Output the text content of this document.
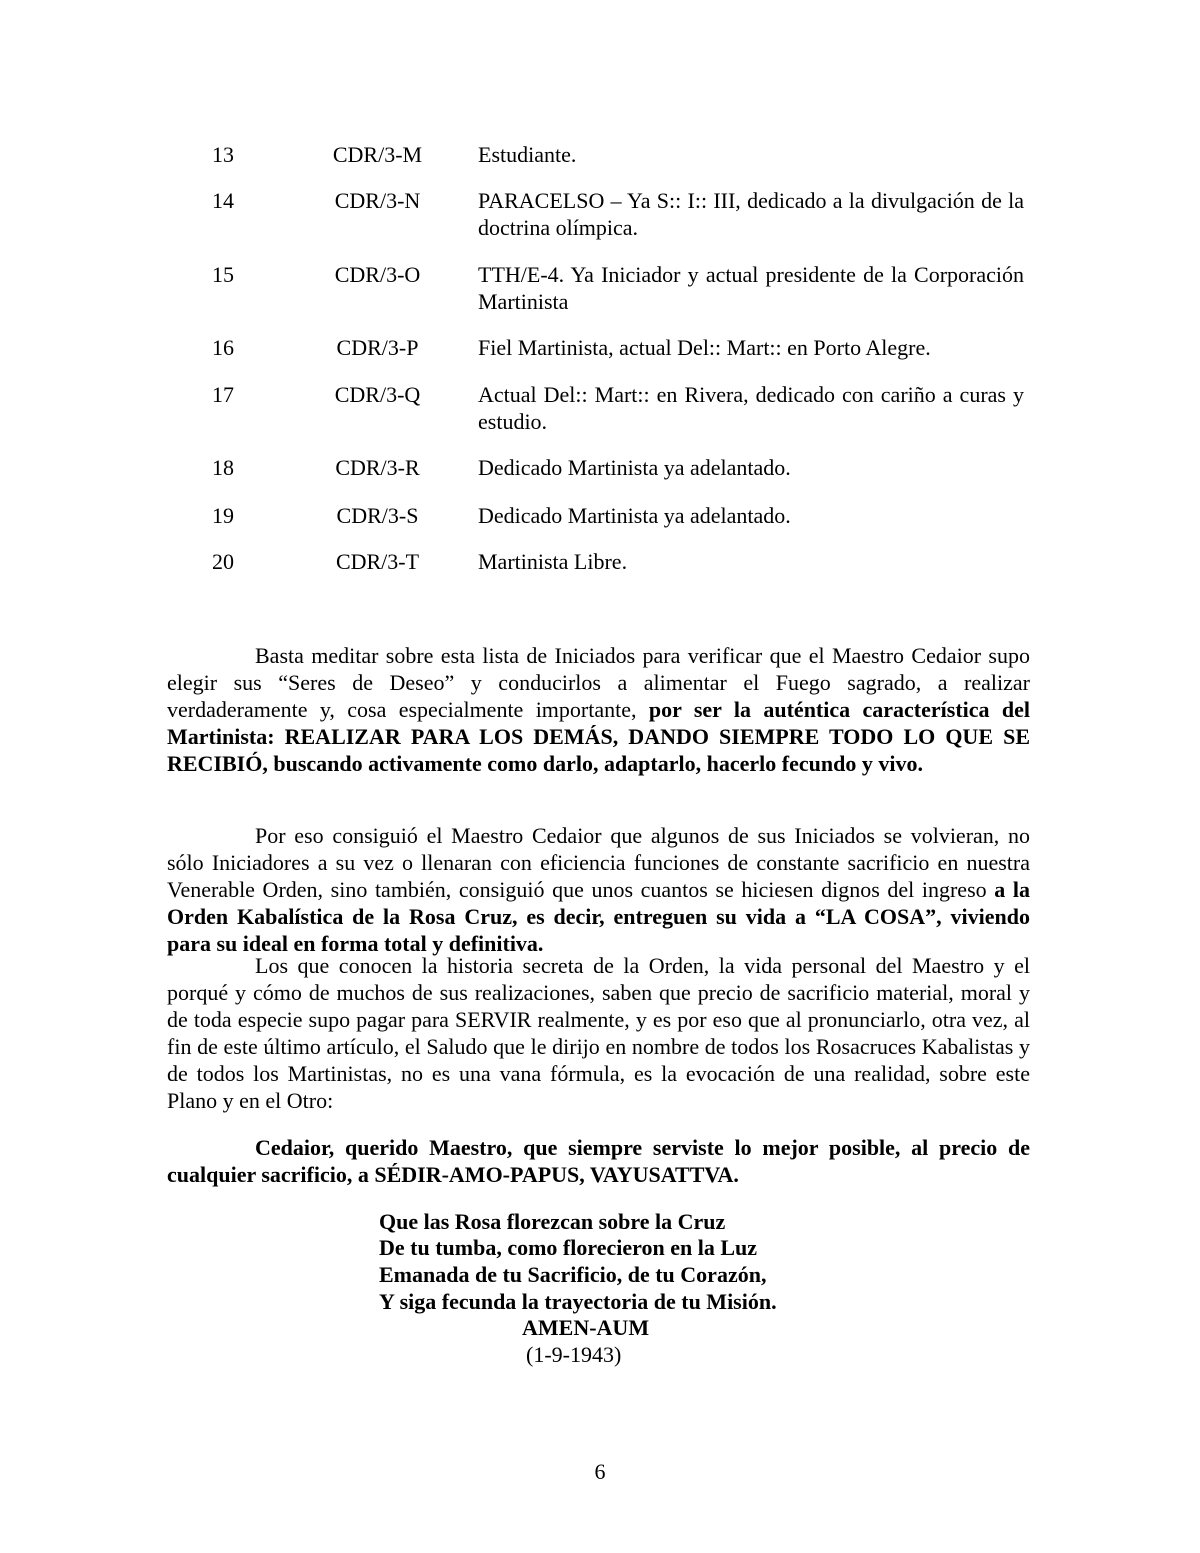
13	CDR/3-M	Estudiante.
14	CDR/3-N	PARACELSO – Ya S:: I:: III, dedicado a la divulgación de la doctrina olímpica.
15	CDR/3-O	TTH/E-4. Ya Iniciador y actual presidente de la Corporación Martinista
16	CDR/3-P	Fiel Martinista, actual Del:: Mart:: en Porto Alegre.
17	CDR/3-Q	Actual Del:: Mart:: en Rivera, dedicado con cariño a curas y estudio.
18	CDR/3-R	Dedicado Martinista ya adelantado.
19	CDR/3-S	Dedicado Martinista ya adelantado.
20	CDR/3-T	Martinista Libre.

Basta meditar sobre esta lista de Iniciados para verificar que el Maestro Cedaior supo elegir sus “Seres de Deseo” y conducirlos a alimentar el Fuego sagrado, a realizar verdaderamente y, cosa especialmente importante, por ser la auténtica característica del Martinista: REALIZAR PARA LOS DEMÁS, DANDO SIEMPRE TODO LO QUE SE RECIBIÓ, buscando activamente como darlo, adaptarlo, hacerlo fecundo y vivo.

Por eso consiguió el Maestro Cedaior que algunos de sus Iniciados se volvieran, no sólo Iniciadores a su vez o llenaran con eficiencia funciones de constante sacrificio en nuestra Venerable Orden, sino también, consiguió que unos cuantos se hiciesen dignos del ingreso a la Orden Kabalística de la Rosa Cruz, es decir, entreguen su vida a “LA COSA”, viviendo para su ideal en forma total y definitiva.

Los que conocen la historia secreta de la Orden, la vida personal del Maestro y el porqué y cómo de muchos de sus realizaciones, saben que precio de sacrificio material, moral y de toda especie supo pagar para SERVIR realmente, y es por eso que al pronunciarlo, otra vez, al fin de este último artículo, el Saludo que le dirijo en nombre de todos los Rosacruces Kabalistas y de todos los Martinistas, no es una vana fórmula, es la evocación de una realidad, sobre este Plano y en el Otro:

Cedaior, querido Maestro, que siempre serviste lo mejor posible, al precio de cualquier sacrificio, a SÉDIR-AMO-PAPUS, VAYUSATTVA.

Que las Rosa florezcan sobre la Cruz
De tu tumba, como florecieron en la Luz
Emanada de tu Sacrificio, de tu Corazón,
Y siga fecunda la trayectoria de tu Misión.
AMEN-AUM
(1-9-1943)
6
